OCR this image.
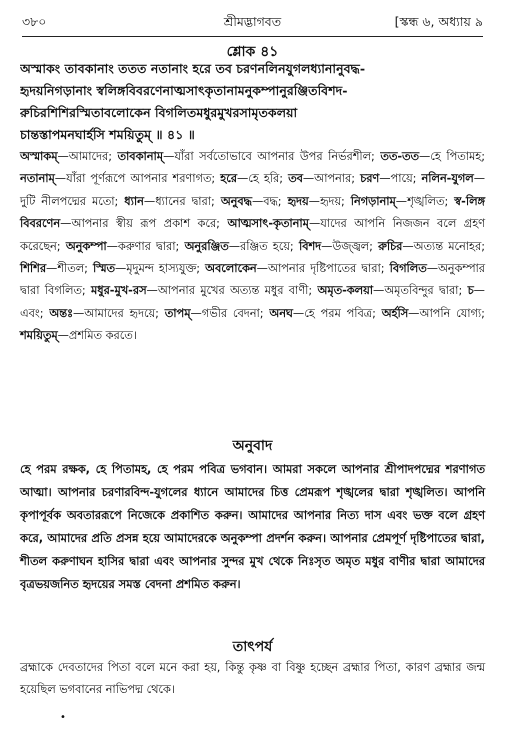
৩৮০	শ্রীমদ্ভাগবত	[স্কন্ধ ৬, অধ্যায় ৯
শ্লোক ৪১
অস্মাকং তাবকানাং ততত নতানাং হরে তব চরণনলিনযুগলধ্যানানুবদ্ধ-
হৃদয়নিগড়ানাং স্বলিঙ্গবিবরণেনাত্মসাৎকৃতানামনুকম্পানুরঞ্জিতবিশদ-
রুচিরশিশিরস্মিতাবলোকেন বিগলিতমধুরমুখরসামৃতকলয়া
চান্তস্তাপমনঘার্হসি শময়িতুম্ ॥ ৪১ ॥
অস্মাকম্—আমাদের; তাবকানাম্—যাঁরা সর্বতোভাবে আপনার উপর নির্ভরশীল; তত-তত—হে পিতামহ; নতানাম্—যাঁরা পূর্ণরূপে আপনার শরণাগত; হরে—হে হরি; তব—আপনার; চরণ—পায়ে; নলিন-যুগল—দুটি নীলপদ্মের মতো; ধ্যান—ধ্যানের দ্বারা; অনুবদ্ধ—বদ্ধ; হৃদয়—হৃদয়; নিগড়ানাম্—শৃঙ্খলিত; স্ব-লিঙ্গ বিবরণেন—আপনার স্বীয় রূপ প্রকাশ করে; আত্মসাৎ-কৃতানাম্—যাদের আপনি নিজজন বলে গ্রহণ করেছেন; অনুকম্পা—করুণার দ্বারা; অনুরঞ্জিত—রঞ্জিত হয়ে; বিশদ—উজ্জ্বল; রুচির—অত্যন্ত মনোহর; শিশির—শীতল; স্মিত—মৃদুমন্দ হাস্যযুক্ত; অবলোকেন—আপনার দৃষ্টিপাতের দ্বারা; বিগলিত—অনুকম্পার দ্বারা বিগলিত; মধুর-মুখ-রস—আপনার মুখের অত্যন্ত মধুর বাণী; অমৃত-কলয়া—অমৃতবিন্দুর দ্বারা; চ—এবং; অন্তঃ—আমাদের হৃদয়ে; তাপম্—গভীর বেদনা; অনঘ—হে পরম পবিত্র; অর্হসি—আপনি যোগ্য; শময়িতুম্—প্রশমিত করতে।
অনুবাদ
হে পরম রক্ষক, হে পিতামহ, হে পরম পবিত্র ভগবান। আমরা সকলে আপনার শ্রীপাদপদ্মের শরণাগত আত্মা। আপনার চরণারবিন্দ-যুগলের ধ্যানে আমাদের চিত্ত প্রেমরূপ শৃঙ্খলের দ্বারা শৃঙ্খলিত। আপনি কৃপাপূর্বক অবতাররূপে নিজেকে প্রকাশিত করুন। আমাদের আপনার নিত্য দাস এবং ভক্ত বলে গ্রহণ করে, আমাদের প্রতি প্রসন্ন হয়ে আমাদেরকে অনুকম্পা প্রদর্শন করুন। আপনার প্রেমপূর্ণ দৃষ্টিপাতের দ্বারা, শীতল করুণাঘন হাসির দ্বারা এবং আপনার সুন্দর মুখ থেকে নিঃসৃত অমৃত মধুর বাণীর দ্বারা আমাদের বৃত্রভয়জনিত হৃদয়ের সমস্ত বেদনা প্রশমিত করুন।
তাৎপর্য
ব্রহ্মাকে দেবতাদের পিতা বলে মনে করা হয়, কিন্তু কৃষ্ণ বা বিষ্ণু হচ্ছেন ব্রহ্মার পিতা, কারণ ব্রহ্মার জন্ম হয়েছিল ভগবানের নাভিপদ্ম থেকে।
•
